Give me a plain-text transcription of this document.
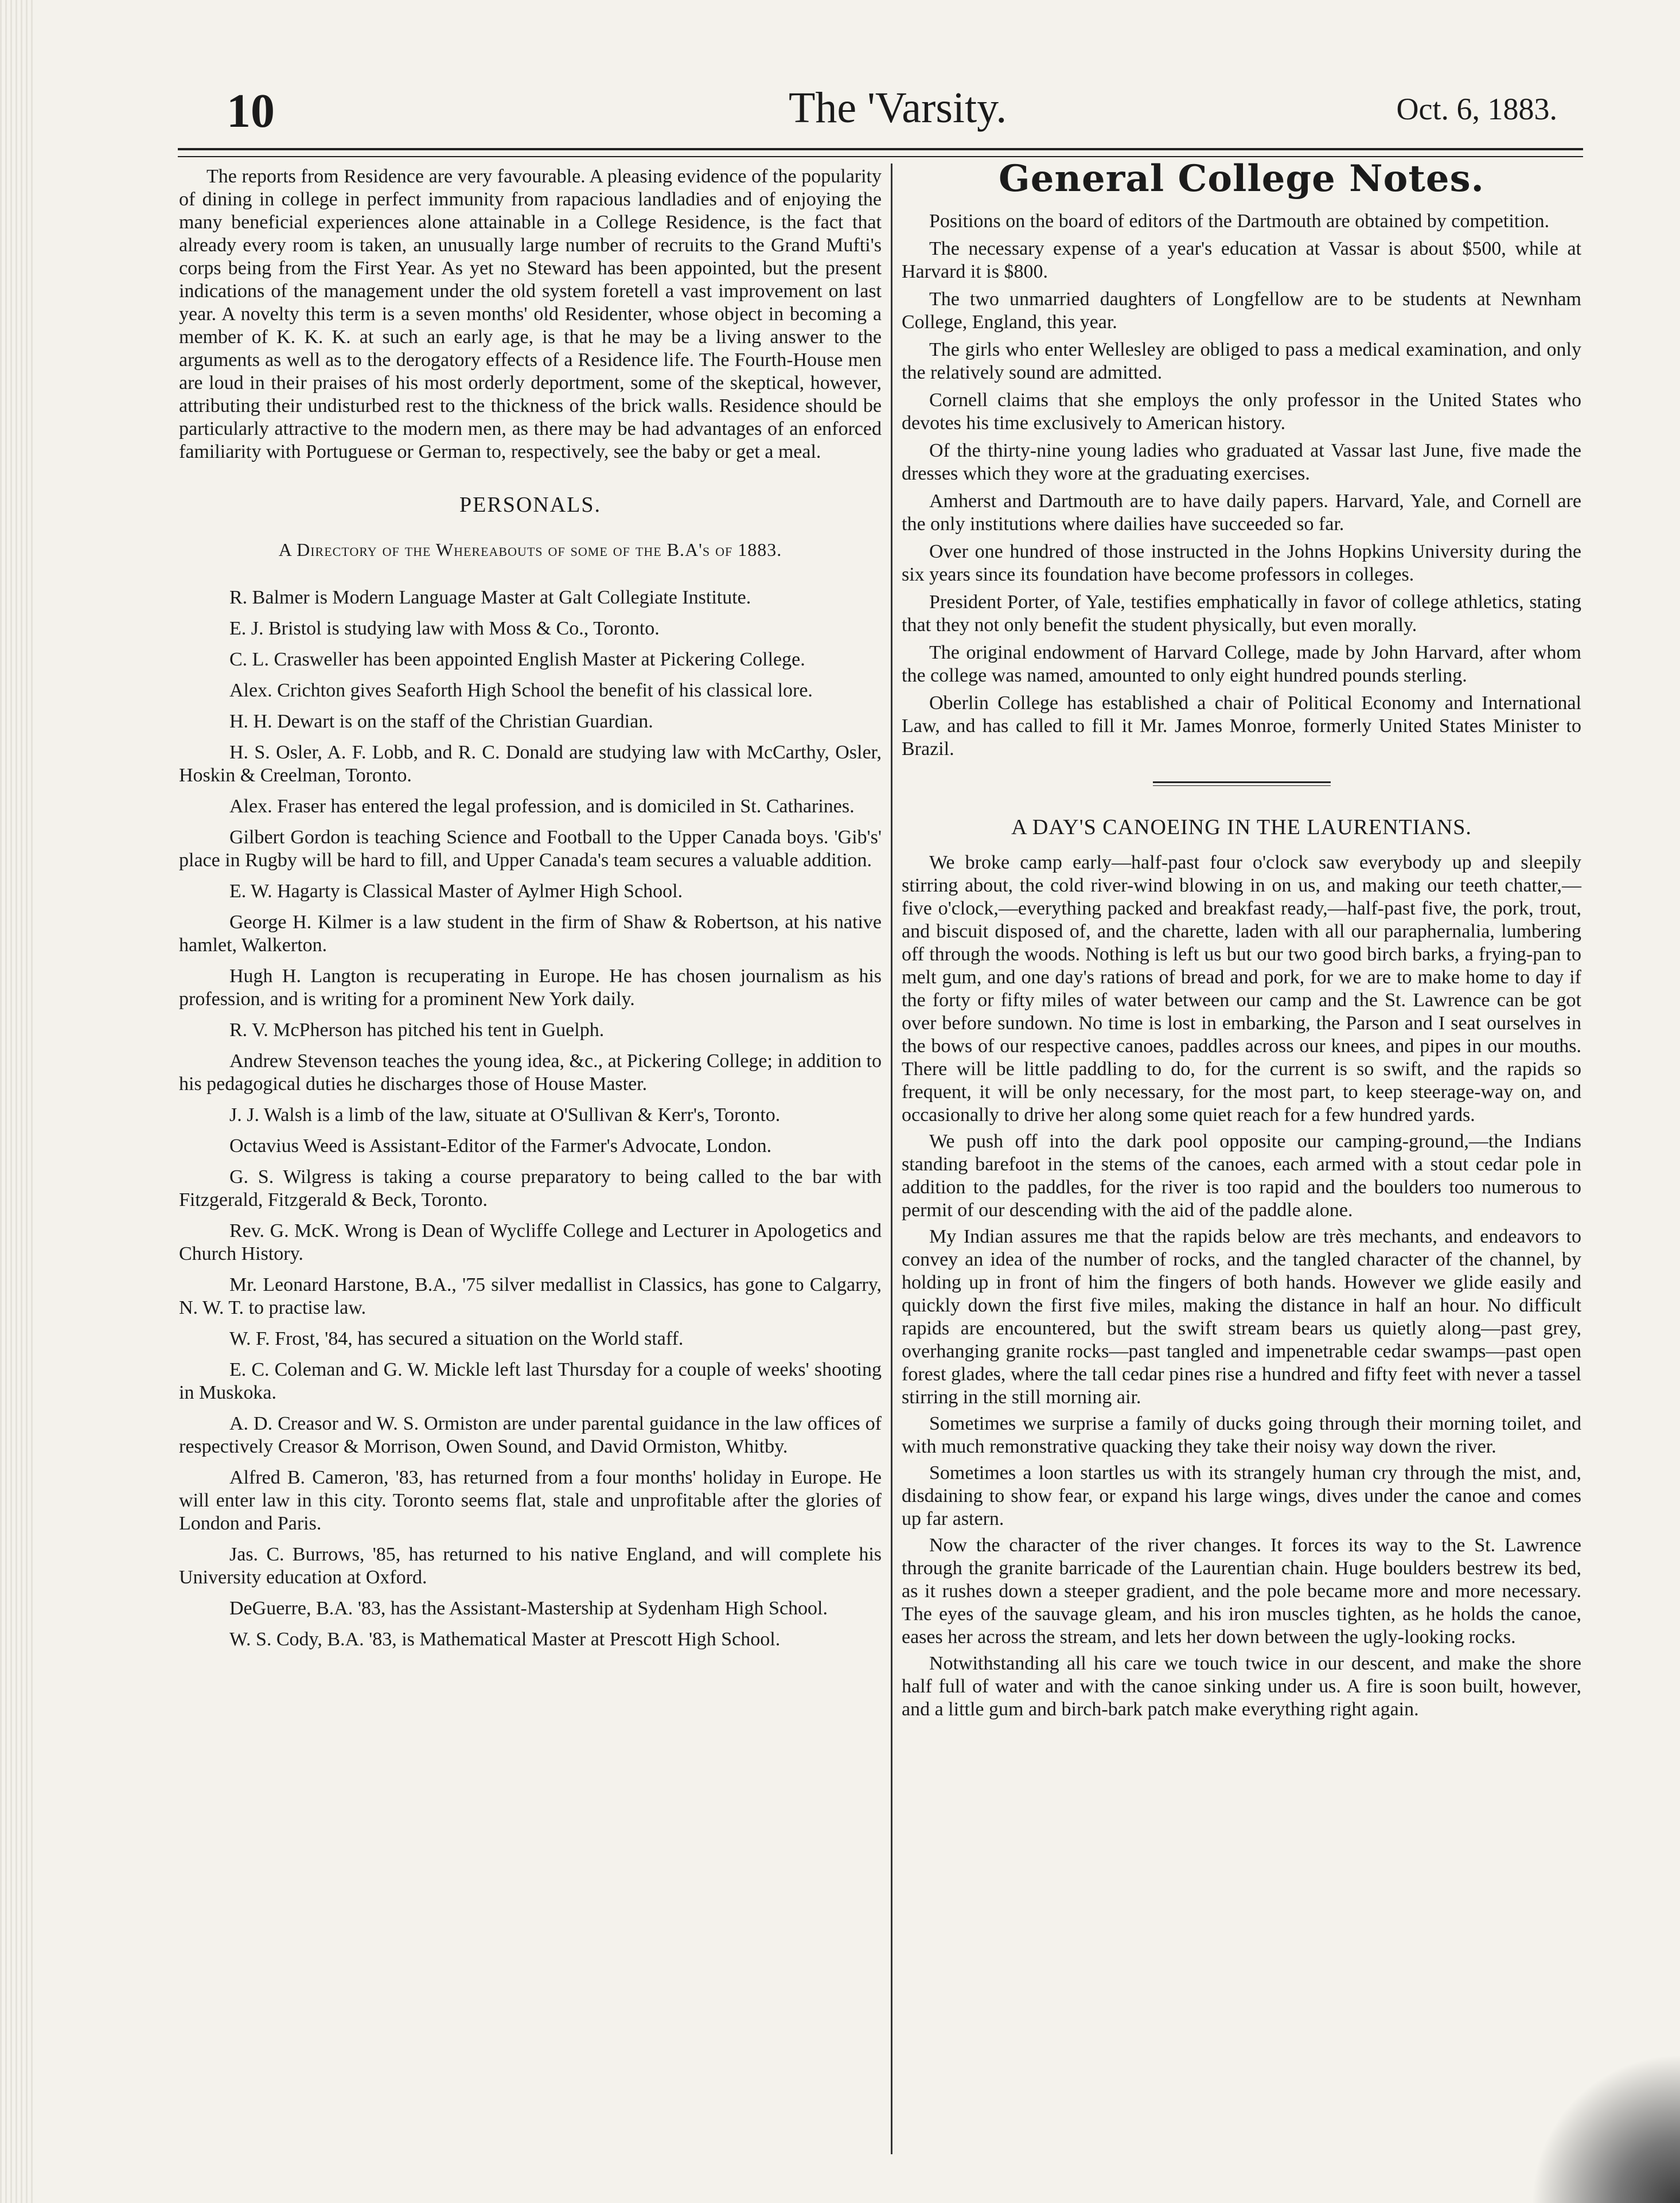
10	The 'Varsity.	Oct. 6, 1883.

The reports from Residence are very favourable. A pleasing evidence of the popularity of dining in college in perfect immunity from rapacious landladies and of enjoying the many beneficial experiences alone attainable in a College Residence, is the fact that already every room is taken, an unusually large number of recruits to the Grand Mufti's corps being from the First Year. As yet no Steward has been appointed, but the present indications of the management under the old system foretell a vast improvement on last year. A novelty this term is a seven months' old Residenter, whose object in becoming a member of K. K. K. at such an early age, is that he may be a living answer to the arguments as well as to the derogatory effects of a Residence life. The Fourth-House men are loud in their praises of his most orderly deportment, some of the skeptical, however, attributing their undisturbed rest to the thickness of the brick walls. Residence should be particularly attractive to the modern men, as there may be had advantages of an enforced familiarity with Portuguese or German to, respectively, see the baby or get a meal.

PERSONALS.
A Directory of the Whereabouts of some of the B.A's of 1883.

R. Balmer is Modern Language Master at Galt Collegiate Institute.

E. J. Bristol is studying law with Moss & Co., Toronto.

C. L. Crasweller has been appointed English Master at Pickering College.

Alex. Crichton gives Seaforth High School the benefit of his classical lore.

H. H. Dewart is on the staff of the Christian Guardian.

H. S. Osler, A. F. Lobb, and R. C. Donald are studying law with McCarthy, Osler, Hoskin & Creelman, Toronto.

Alex. Fraser has entered the legal profession, and is domiciled in St. Catharines.

Gilbert Gordon is teaching Science and Football to the Upper Canada boys. 'Gib's' place in Rugby will be hard to fill, and Upper Canada's team secures a valuable addition.

E. W. Hagarty is Classical Master of Aylmer High School.

George H. Kilmer is a law student in the firm of Shaw & Robertson, at his native hamlet, Walkerton.

Hugh H. Langton is recuperating in Europe. He has chosen journalism as his profession, and is writing for a prominent New York daily.

R. V. McPherson has pitched his tent in Guelph.

Andrew Stevenson teaches the young idea, &c., at Pickering College; in addition to his pedagogical duties he discharges those of House Master.

J. J. Walsh is a limb of the law, situate at O'Sullivan & Kerr's, Toronto.

Octavius Weed is Assistant-Editor of the Farmer's Advocate, London.

G. S. Wilgress is taking a course preparatory to being called to the bar with Fitzgerald, Fitzgerald & Beck, Toronto.

Rev. G. McK. Wrong is Dean of Wycliffe College and Lecturer in Apologetics and Church History.

Mr. Leonard Harstone, B.A., '75 silver medallist in Classics, has gone to Calgarry, N. W. T. to practise law.

W. F. Frost, '84, has secured a situation on the World staff.

E. C. Coleman and G. W. Mickle left last Thursday for a couple of weeks' shooting in Muskoka.

A. D. Creasor and W. S. Ormiston are under parental guidance in the law offices of respectively Creasor & Morrison, Owen Sound, and David Ormiston, Whitby.

Alfred B. Cameron, '83, has returned from a four months' holiday in Europe. He will enter law in this city. Toronto seems flat, stale and unprofitable after the glories of London and Paris.

Jas. C. Burrows, '85, has returned to his native England, and will complete his University education at Oxford.

DeGuerre, B.A. '83, has the Assistant-Mastership at Sydenham High School.

W. S. Cody, B.A. '83, is Mathematical Master at Prescott High School.

General College Notes.

Positions on the board of editors of the Dartmouth are obtained by competition.

The necessary expense of a year's education at Vassar is about $500, while at Harvard it is $800.

The two unmarried daughters of Longfellow are to be students at Newnham College, England, this year.

The girls who enter Wellesley are obliged to pass a medical examination, and only the relatively sound are admitted.

Cornell claims that she employs the only professor in the United States who devotes his time exclusively to American history.

Of the thirty-nine young ladies who graduated at Vassar last June, five made the dresses which they wore at the graduating exercises.

Amherst and Dartmouth are to have daily papers. Harvard, Yale, and Cornell are the only institutions where dailies have succeeded so far.

Over one hundred of those instructed in the Johns Hopkins University during the six years since its foundation have become professors in colleges.

President Porter, of Yale, testifies emphatically in favor of college athletics, stating that they not only benefit the student physically, but even morally.

The original endowment of Harvard College, made by John Harvard, after whom the college was named, amounted to only eight hundred pounds sterling.

Oberlin College has established a chair of Political Economy and International Law, and has called to fill it Mr. James Monroe, formerly United States Minister to Brazil.

A DAY'S CANOEING IN THE LAURENTIANS.

We broke camp early—half-past four o'clock saw everybody up and sleepily stirring about, the cold river-wind blowing in on us, and making our teeth chatter,—five o'clock,—everything packed and breakfast ready,—half-past five, the pork, trout, and biscuit disposed of, and the charette, laden with all our paraphernalia, lumbering off through the woods. Nothing is left us but our two good birch barks, a frying-pan to melt gum, and one day's rations of bread and pork, for we are to make home to day if the forty or fifty miles of water between our camp and the St. Lawrence can be got over before sundown. No time is lost in embarking, the Parson and I seat ourselves in the bows of our respective canoes, paddles across our knees, and pipes in our mouths. There will be little paddling to do, for the current is so swift, and the rapids so frequent, it will be only necessary, for the most part, to keep steerage-way on, and occasionally to drive her along some quiet reach for a few hundred yards.

We push off into the dark pool opposite our camping-ground,—the Indians standing barefoot in the stems of the canoes, each armed with a stout cedar pole in addition to the paddles, for the river is too rapid and the boulders too numerous to permit of our descending with the aid of the paddle alone.

My Indian assures me that the rapids below are très mechants, and endeavors to convey an idea of the number of rocks, and the tangled character of the channel, by holding up in front of him the fingers of both hands. However we glide easily and quickly down the first five miles, making the distance in half an hour. No difficult rapids are encountered, but the swift stream bears us quietly along—past grey, overhanging granite rocks—past tangled and impenetrable cedar swamps—past open forest glades, where the tall cedar pines rise a hundred and fifty feet with never a tassel stirring in the still morning air.

Sometimes we surprise a family of ducks going through their morning toilet, and with much remonstrative quacking they take their noisy way down the river.

Sometimes a loon startles us with its strangely human cry through the mist, and, disdaining to show fear, or expand his large wings, dives under the canoe and comes up far astern.

Now the character of the river changes. It forces its way to the St. Lawrence through the granite barricade of the Laurentian chain. Huge boulders bestrew its bed, as it rushes down a steeper gradient, and the pole became more and more necessary. The eyes of the sauvage gleam, and his iron muscles tighten, as he holds the canoe, eases her across the stream, and lets her down between the ugly-looking rocks.

Notwithstanding all his care we touch twice in our descent, and make the shore half full of water and with the canoe sinking under us. A fire is soon built, however, and a little gum and birch-bark patch make everything right again.
